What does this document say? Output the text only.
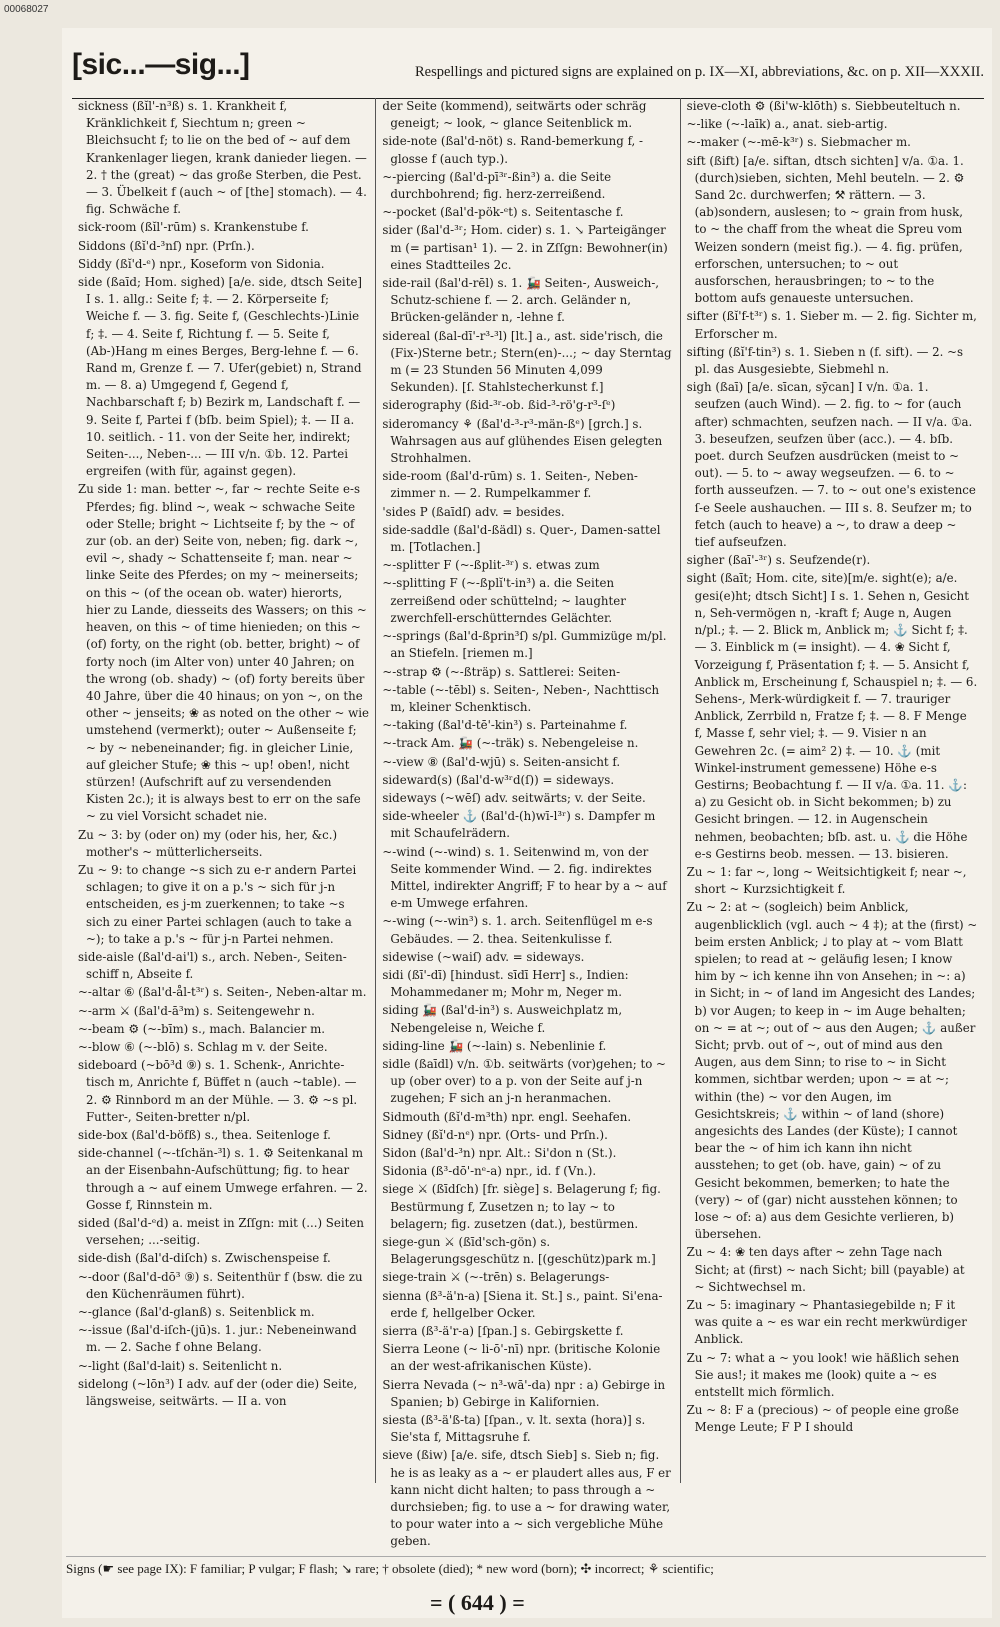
00068027
[sic...—sig...]	Respellings and pictured signs are explained on p. IX—XI, abbreviations, &c. on p. XII—XXXII.
sickness (ßĭl'-n³ß) s. 1. Krankheit f, Kränklichkeit f, Siechtum n; green ~ Bleichsucht f; to lie on the bed of ~ auf dem Krankenlager liegen, krank danieder liegen. — 2. † the (great) ~ das große Sterben, die Pest. — 3. Übelkeit f (auch ~ of [the] stomach). — 4. fig. Schwäche f.
sick-room (ßĭl'-rūm) s. Krankenstube f.
Siddons (ßĭ'd-³nſ) npr. (Prſn.).
Siddy (ßĭ'd-ᵉ) npr., Koseform von Sidonia.
side (ßaīd; Hom. sighed) [a/e. side, dtsch Seite] I s. 1. allg.: Seite f; ‡. — 2. Körperseite f; Weiche f. — 3. fig. Seite f, (Geschlechts-)Linie f; ‡. — 4. Seite f, Richtung f. — 5. Seite f, (Ab-)Hang m eines Berges, Berg-lehne f. — 6. Rand m, Grenze f. — 7. Ufer(gebiet) n, Strand m. — 8. a) Umgegend f, Gegend f, Nachbarschaft f; b) Bezirk m, Landschaft f. — 9. Seite f, Partei f (bſb. beim Spiel); ‡. — II a. 10. seitlich. - 11. von der Seite her, indirekt; Seiten-..., Neben-... — III v/n. ①b. 12. Partei ergreifen (with für, against gegen).
Zu side 1: man. better ~, far ~ rechte Seite e-s Pferdes; fig. blind ~, weak ~ schwache Seite oder Stelle; bright ~ Lichtseite f; by the ~ of zur (ob. an der) Seite von, neben; fig. dark ~, evil ~, shady ~ Schattenseite f; man. near ~ linke Seite des Pferdes; on my ~ meinerseits; on this ~ (of the ocean ob. water) hierorts, hier zu Lande, diesseits des Wassers; on this ~ heaven, on this ~ of time hienieden; on this ~ (of) forty, on the right (ob. better, bright) ~ of forty noch (im Alter von) unter 40 Jahren; on the wrong (ob. shady) ~ (of) forty bereits über 40 Jahre, über die 40 hinaus; on yon ~, on the other ~ jenseits; ❀ as noted on the other ~ wie umstehend (vermerkt); outer ~ Außenseite f; ~ by ~ nebeneinander; fig. in gleicher Linie, auf gleicher Stufe; ❀ this ~ up! oben!, nicht stürzen! (Aufschrift auf zu versendenden Kisten 2c.); it is always best to err on the safe ~ zu viel Vorsicht schadet nie.
Zu ~ 3: by (oder on) my (oder his, her, &c.) mother's ~ mütterlicherseits.
Zu ~ 9: to change ~s sich zu e-r andern Partei schlagen; to give it on a p.'s ~ sich für j-n entscheiden, es j-m zuerkennen; to take ~s sich zu einer Partei schlagen (auch to take a ~); to take a p.'s ~ für j-n Partei nehmen.
side-aisle (ßal'd-ai'l) s., arch. Neben-, Seiten-schiff n, Abseite f.
~-altar ⑥ (ßal'd-ål-t³ʳ) s. Seiten-, Neben-altar m.
~-arm ⚔ (ßal'd-ā³m) s. Seitengewehr n.
~-beam ⚙ (~-bīm) s., mach. Balancier m.
~-blow ⑥ (~-blō) s. Schlag m v. der Seite.
sideboard (~bō³d ⑨) s. 1. Schenk-, Anrichte-tisch m, Anrichte f, Büffet n (auch ~table). — 2. ⚙ Rinnbord m an der Mühle. — 3. ⚙ ~s pl. Futter-, Seiten-bretter n/pl.
side-box (ßal'd-böfß) s., thea. Seitenloge f.
side-channel (~-tſchän-³l) s. 1. ⚙ Seitenkanal m an der Eisenbahn-Aufschüttung; fig. to hear through a ~ auf einem Umwege erfahren. — 2. Gosse f, Rinnstein m.
sided (ßal'd-ᵉd) a. meist in Zſſgn: mit (...) Seiten versehen; ...-seitig.
side-dish (ßal'd-diſch) s. Zwischenspeise f.
~-door (ßal'd-dō³ ⑨) s. Seitenthür f (bsw. die zu den Küchenräumen führt).
~-glance (ßal'd-glanß) s. Seitenblick m.
~-issue (ßal'd-iſch-(jū)s. 1. jur.: Nebeneinwand m. — 2. Sache f ohne Belang.
~-light (ßal'd-lait) s. Seitenlicht n.
sidelong (~lōn³) I adv. auf der (oder die) Seite, längsweise, seitwärts. — II a. von
der Seite (kommend), seitwärts oder schräg geneigt; ~ look, ~ glance Seitenblick m.
side-note (ßal'd-nöt) s. Rand-bemerkung f, -glosse f (auch typ.).
~-piercing (ßal'd-pī³ʳ-ßin³) a. die Seite durchbohrend; fig. herz-zerreißend.
~-pocket (ßal'd-pök-ᵉt) s. Seitentasche f.
sider (ßal'd-³ʳ; Hom. cider) s. 1. ↘ Parteigänger m (= partisan¹ 1). — 2. in Zſſgn: Bewohner(in) eines Stadtteiles 2c.
side-rail (ßal'd-rēl) s. 1. 🚂 Seiten-, Ausweich-, Schutz-schiene f. — 2. arch. Geländer n, Brücken-geländer n, -lehne f.
sidereal (ßal-dī'-r³-³l) [lt.] a., ast. side'risch, die (Fix-)Sterne betr.; Stern(en)-...; ~ day Sterntag m (= 23 Stunden 56 Minuten 4,099 Sekunden). [ſ. Stahlstecherkunst f.]
siderography (ßid-³ʳ-ob. ßid-³-rö'g-r³-ſᵉ)
sideromancy ⚘ (ßal'd-³-r³-män-ßᵉ) [grch.] s. Wahrsagen aus auf glühendes Eisen gelegten Strohhalmen.
side-room (ßal'd-rūm) s. 1. Seiten-, Neben-zimmer n. — 2. Rumpelkammer f.
'sides P (ßaīdſ) adv. = besides.
side-saddle (ßal'd-ßädl) s. Quer-, Damen-sattel m. [Totlachen.]
~-splitter F (~-ßplit-³ʳ) s. etwas zum
~-splitting F (~-ßplĭ't-in³) a. die Seiten zerreißend oder schüttelnd; ~ laughter zwerchfell-erschütterndes Gelächter.
~-springs (ßal'd-ßprin³ſ) s/pl. Gummizüge m/pl. an Stiefeln. [riemen m.]
~-strap ⚙ (~-ßträp) s. Sattlerei: Seiten-
~-table (~-tēbl) s. Seiten-, Neben-, Nachttisch m, kleiner Schenktisch.
~-taking (ßal'd-tē'-kin³) s. Parteinahme f.
~-track Am. 🚂 (~-träk) s. Nebengeleise n.
~-view ⑧ (ßal'd-wjū) s. Seiten-ansicht f.
sideward(s) (ßal'd-w³ʳd(ſ)) = sideways.
sideways (~wēſ) adv. seitwärts; v. der Seite.
side-wheeler ⚓ (ßal'd-(h)wī-l³ʳ) s. Dampfer m mit Schaufelrädern.
~-wind (~-wind) s. 1. Seitenwind m, von der Seite kommender Wind. — 2. fig. indirektes Mittel, indirekter Angriff; F to hear by a ~ auf e-m Umwege erfahren.
~-wing (~-win³) s. 1. arch. Seitenflügel m e-s Gebäudes. — 2. thea. Seitenkulisse f.
sidewise (~waiſ) adv. = sideways.
sidi (ßī'-dī) [hindust. sīdī Herr] s., Indien: Mohammedaner m; Mohr m, Neger m.
siding 🚂 (ßal'd-in³) s. Ausweichplatz m, Nebengeleise n, Weiche f.
siding-line 🚂 (~-lain) s. Nebenlinie f.
sidle (ßaīdl) v/n. ①b. seitwärts (vor)gehen; to ~ up (ober over) to a p. von der Seite auf j-n zugehen; F sich an j-n heranmachen.
Sidmouth (ßĭ'd-m³th) npr. engl. Seehafen.
Sidney (ßĭ'd-nᵉ) npr. (Orts- und Prſn.).
Sidon (ßal'd-³n) npr. Alt.: Si'don n (St.).
Sidonia (ß³-dō'-nᵉ-a) npr., id. f (Vn.).
siege ⚔ (ßīdſch) [fr. siège] s. Belagerung f; fig. Bestürmung f, Zusetzen n; to lay ~ to belagern; fig. zusetzen (dat.), bestürmen.
siege-gun ⚔ (ßīd'sch-gön) s. Belagerungsgeschütz n. [(geschütz)park m.]
siege-train ⚔ (~-trēn) s. Belagerungs-
sienna (ß³-ä'n-a) [Siena it. St.] s., paint. Si'ena-erde f, hellgelber Ocker.
sierra (ß³-ä'r-a) [ſpan.] s. Gebirgskette f.
Sierra Leone (~ li-ō'-nī) npr. (britische Kolonie an der west-afrikanischen Küste).
Sierra Nevada (~ n³-wā'-da) npr : a) Gebirge in Spanien; b) Gebirge in Kalifornien.
siesta (ß³-ä'ß-ta) [ſpan., v. lt. sexta (hora)] s. Sie'sta f, Mittagsruhe f.
sieve (ßiw) [a/e. sife, dtsch Sieb] s. Sieb n; fig. he is as leaky as a ~ er plaudert alles aus, F er kann nicht dicht halten; to pass through a ~ durchsieben; fig. to use a ~ for drawing water, to pour water into a ~ sich vergebliche Mühe geben.
sieve-cloth ⚙ (ßi'w-klōth) s. Siebbeuteltuch n.
~-like (~-laīk) a., anat. sieb-artig.
~-maker (~-mē-k³ʳ) s. Siebmacher m.
sift (ßift) [a/e. siftan, dtsch sichten] v/a. ①a. 1. (durch)sieben, sichten, Mehl beuteln. — 2. ⚙ Sand 2c. durchwerfen; ⚒ rättern. — 3. (ab)sondern, auslesen; to ~ grain from husk, to ~ the chaff from the wheat die Spreu vom Weizen sondern (meist fig.). — 4. fig. prüfen, erforschen, untersuchen; to ~ out ausforschen, herausbringen; to ~ to the bottom aufs genaueste untersuchen.
sifter (ßĭ'f-t³ʳ) s. 1. Sieber m. — 2. fig. Sichter m, Erforscher m.
sifting (ßĭ'f-tin³) s. 1. Sieben n (f. sift). — 2. ~s pl. das Ausgesiebte, Siebmehl n.
sigh (ßaī) [a/e. sīcan, sȳcan] I v/n. ①a. 1. seufzen (auch Wind). — 2. fig. to ~ for (auch after) schmachten, seufzen nach. — II v/a. ①a. 3. beseufzen, seufzen über (acc.). — 4. bſb. poet. durch Seufzen ausdrücken (meist to ~ out). — 5. to ~ away wegseufzen. — 6. to ~ forth ausseufzen. — 7. to ~ out one's existence ſ-e Seele aushauchen. — III s. 8. Seufzer m; to fetch (auch to heave) a ~, to draw a deep ~ tief aufseufzen.
sigher (ßaī'-³ʳ) s. Seufzende(r).
sight (ßaīt; Hom. cite, site)[m/e. sight(e); a/e. gesi(e)ht; dtsch Sicht] I s. 1. Sehen n, Gesicht n, Seh-vermögen n, -kraft f; Auge n, Augen n/pl.; ‡. — 2. Blick m, Anblick m; ⚓ Sicht f; ‡. — 3. Einblick m (= insight). — 4. ❀ Sicht f, Vorzeigung f, Präsentation f; ‡. — 5. Ansicht f, Anblick m, Erscheinung f, Schauspiel n; ‡. — 6. Sehens-, Merk-würdigkeit f. — 7. trauriger Anblick, Zerrbild n, Fratze f; ‡. — 8. F Menge f, Masse f, sehr viel; ‡. — 9. Visier n an Gewehren 2c. (= aim² 2) ‡. — 10. ⚓ (mit Winkel-instrument gemessene) Höhe e-s Gestirns; Beobachtung f. — II v/a. ①a. 11. ⚓: a) zu Gesicht ob. in Sicht bekommen; b) zu Gesicht bringen. — 12. in Augenschein nehmen, beobachten; bſb. ast. u. ⚓ die Höhe e-s Gestirns beob. messen. — 13. bisieren.
Zu ~ 1: far ~, long ~ Weitsichtigkeit f; near ~, short ~ Kurzsichtigkeit f.
Zu ~ 2: at ~ (sogleich) beim Anblick, augenblicklich (vgl. auch ~ 4 ‡); at the (first) ~ beim ersten Anblick; ♩ to play at ~ vom Blatt spielen; to read at ~ geläufig lesen; I know him by ~ ich kenne ihn von Ansehen; in ~: a) in Sicht; in ~ of land im Angesicht des Landes; b) vor Augen; to keep in ~ im Auge behalten; on ~ = at ~; out of ~ aus den Augen; ⚓ außer Sicht; prvb. out of ~, out of mind aus den Augen, aus dem Sinn; to rise to ~ in Sicht kommen, sichtbar werden; upon ~ = at ~; within (the) ~ vor den Augen, im Gesichtskreis; ⚓ within ~ of land (shore) angesichts des Landes (der Küste); I cannot bear the ~ of him ich kann ihn nicht ausstehen; to get (ob. have, gain) ~ of zu Gesicht bekommen, bemerken; to hate the (very) ~ of (gar) nicht ausstehen können; to lose ~ of: a) aus dem Gesichte verlieren, b) übersehen.
Zu ~ 4: ❀ ten days after ~ zehn Tage nach Sicht; at (first) ~ nach Sicht; bill (payable) at ~ Sichtwechsel m.
Zu ~ 5: imaginary ~ Phantasiegebilde n; F it was quite a ~ es war ein recht merkwürdiger Anblick.
Zu ~ 7: what a ~ you look! wie häßlich sehen Sie aus!; it makes me (look) quite a ~ es entstellt mich förmlich.
Zu ~ 8: F a (precious) ~ of people eine große Menge Leute; F P I should
Signs (☛ see page IX): F familiar; P vulgar; F flash; ↘ rare; † obsolete (died); * new word (born); ✣ incorrect; ⚘ scientific;
= ( 644 ) =
